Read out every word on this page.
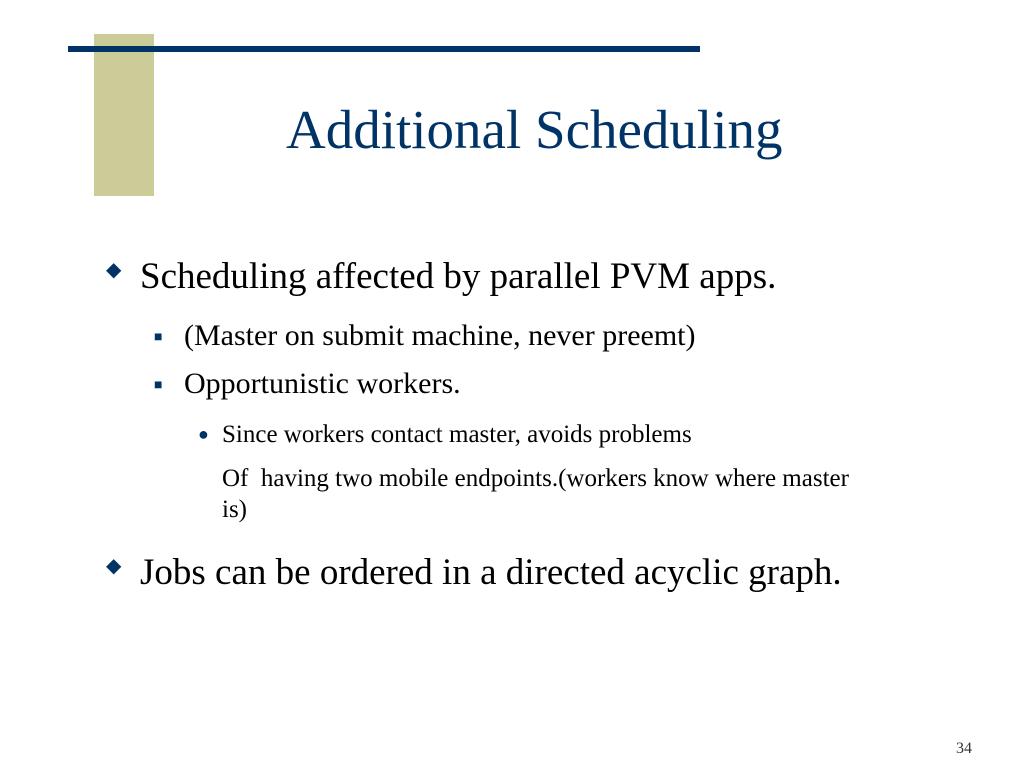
Additional Scheduling
◆ Scheduling affected by parallel PVM apps.
■ (Master on submit machine, never preemt)
■ Opportunistic workers.
● Since workers contact master, avoids problems
Of  having two mobile endpoints.(workers know where master is)
◆ Jobs can be ordered in a directed acyclic graph.
34
